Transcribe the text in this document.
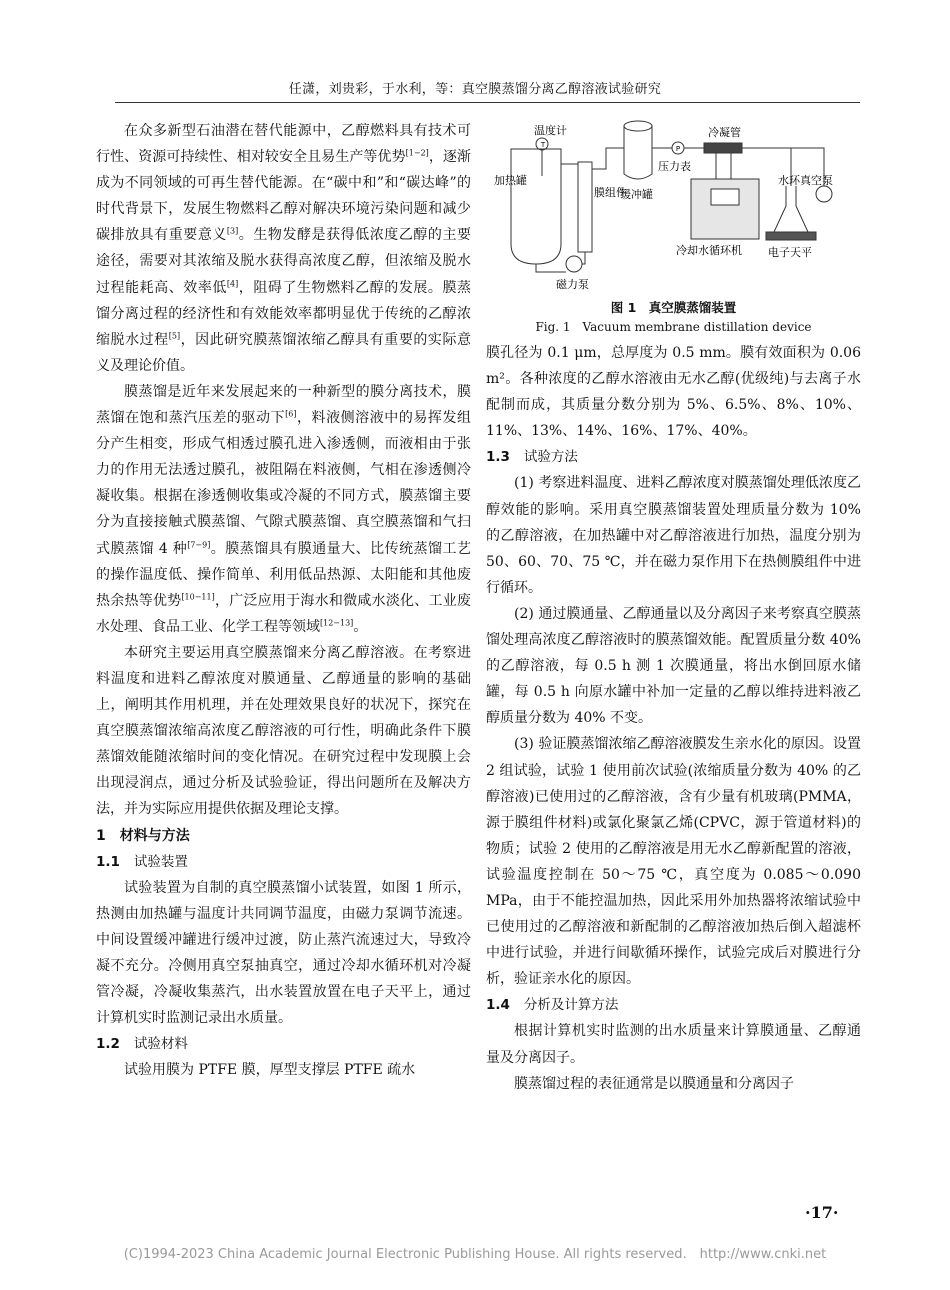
任潇，刘贵彩，于水利，等：真空膜蒸馏分离乙醇溶液试验研究

在众多新型石油潜在替代能源中，乙醇燃料具有技术可行性、资源可持续性、相对较安全且易生产等优势[1−2]，逐渐成为不同领域的可再生替代能源。在“碳中和”和“碳达峰”的时代背景下，发展生物燃料乙醇对解决环境污染问题和减少碳排放具有重要意义[3]。生物发酵是获得低浓度乙醇的主要途径，需要对其浓缩及脱水获得高浓度乙醇，但浓缩及脱水过程能耗高、效率低[4]，阻碍了生物燃料乙醇的发展。膜蒸馏分离过程的经济性和有效能效率都明显优于传统的乙醇浓缩脱水过程[5]，因此研究膜蒸馏浓缩乙醇具有重要的实际意义及理论价值。

膜蒸馏是近年来发展起来的一种新型的膜分离技术，膜蒸馏在饱和蒸汽压差的驱动下[6]，料液侧溶液中的易挥发组分产生相变，形成气相透过膜孔进入渗透侧，而液相由于张力的作用无法透过膜孔，被阻隔在料液侧，气相在渗透侧冷凝收集。根据在渗透侧收集或冷凝的不同方式，膜蒸馏主要分为直接接触式膜蒸馏、气隙式膜蒸馏、真空膜蒸馏和气扫式膜蒸馏 4 种[7−9]。膜蒸馏具有膜通量大、比传统蒸馏工艺的操作温度低、操作简单、利用低品热源、太阳能和其他废热余热等优势[10−11]，广泛应用于海水和微咸水淡化、工业废水处理、食品工业、化学工程等领域[12−13]。

本研究主要运用真空膜蒸馏来分离乙醇溶液。在考察进料温度和进料乙醇浓度对膜通量、乙醇通量的影响的基础上，阐明其作用机理，并在处理效果良好的状况下，探究在真空膜蒸馏浓缩高浓度乙醇溶液的可行性，明确此条件下膜蒸馏效能随浓缩时间的变化情况。在研究过程中发现膜上会出现浸润点，通过分析及试验验证，得出问题所在及解决方法，并为实际应用提供依据及理论支撑。

1　材料与方法

1.1 试验装置

试验装置为自制的真空膜蒸馏小试装置，如图 1 所示， 热测由加热罐与温度计共同调节温度，由磁力泵调节流速。中间设置缓冲罐进行缓冲过渡，防止蒸汽流速过大，导致冷凝不充分。冷侧用真空泵抽真空，通过冷却水循环机对冷凝管冷凝，冷凝收集蒸汽，出水装置放置在电子天平上，通过计算机实时监测记录出水质量。

1.2 试验材料

试验用膜为 PTFE 膜，厚型支撑层 PTFE 疏水

T	P
温度计
加热罐
膜组件
缓冲罐
冷凝管
压力表
水环真空泵
冷却水循环机 电子天平
磁力泵
图 1　真空膜蒸馏装置
Fig. 1　Vacuum membrane distillation device

膜孔径为 0.1 μm，总厚度为 0.5 mm。膜有效面积为 0.06 m²。各种浓度的乙醇水溶液由无水乙醇(优级纯)与去离子水配制而成，其质量分数分别为 5%、6.5%、8%、10%、11%、13%、14%、16%、17%、40%。

1.3 试验方法

(1) 考察进料温度、进料乙醇浓度对膜蒸馏处理低浓度乙醇效能的影响。采用真空膜蒸馏装置处理质量分数为 10% 的乙醇溶液，在加热罐中对乙醇溶液进行加热，温度分别为 50、60、70、75 ℃，并在磁力泵作用下在热侧膜组件中进行循环。

(2) 通过膜通量、乙醇通量以及分离因子来考察真空膜蒸馏处理高浓度乙醇溶液时的膜蒸馏效能。配置质量分数 40% 的乙醇溶液，每 0.5 h 测 1 次膜通量，将出水倒回原水储罐，每 0.5 h 向原水罐中补加一定量的乙醇以维持进料液乙醇质量分数为 40% 不变。

(3) 验证膜蒸馏浓缩乙醇溶液膜发生亲水化的原因。设置 2 组试验，试验 1 使用前次试验(浓缩质量分数为 40% 的乙醇溶液)已使用过的乙醇溶液，含有少量有机玻璃(PMMA，源于膜组件材料)或氯化聚氯乙烯(CPVC，源于管道材料)的物质；试验 2 使用的乙醇溶液是用无水乙醇新配置的溶液，试验温度控制在 50～75 ℃，真空度为 0.085～0.090 MPa，由于不能控温加热，因此采用外加热器将浓缩试验中已使用过的乙醇溶液和新配制的乙醇溶液加热后倒入超滤杯中进行试验，并进行间歇循环操作，试验完成后对膜进行分析，验证亲水化的原因。

1.4 分析及计算方法

根据计算机实时监测的出水质量来计算膜通量、乙醇通量及分离因子。

膜蒸馏过程的表征通常是以膜通量和分离因子

·17·
(C)1994-2023 China Academic Journal Electronic Publishing House. All rights reserved.　http://www.cnki.net
